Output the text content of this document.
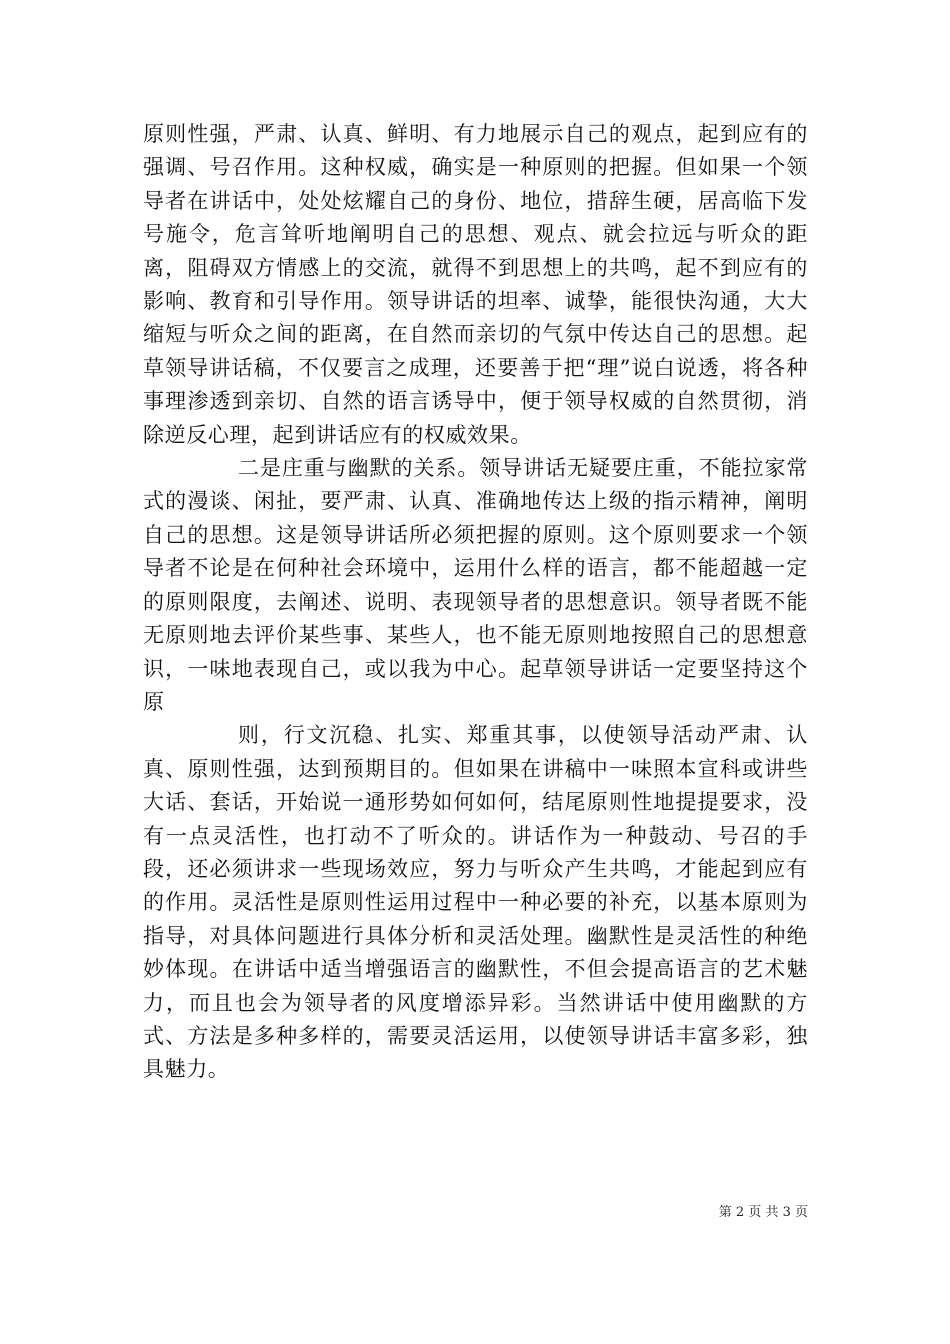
原则性强，严肃、认真、鲜明、有力地展示自己的观点，起到应有的强调、号召作用。这种权威，确实是一种原则的把握。但如果一个领导者在讲话中，处处炫耀自己的身份、地位，措辞生硬，居高临下发号施令，危言耸听地阐明自己的思想、观点、就会拉远与听众的距离，阻碍双方情感上的交流，就得不到思想上的共鸣，起不到应有的影响、教育和引导作用。领导讲话的坦率、诚挚，能很快沟通，大大缩短与听众之间的距离，在自然而亲切的气氛中传达自己的思想。起草领导讲话稿，不仅要言之成理，还要善于把“理”说白说透，将各种事理渗透到亲切、自然的语言诱导中，便于领导权威的自然贯彻，消除逆反心理，起到讲话应有的权威效果。

二是庄重与幽默的关系。领导讲话无疑要庄重，不能拉家常式的漫谈、闲扯，要严肃、认真、准确地传达上级的指示精神，阐明自己的思想。这是领导讲话所必须把握的原则。这个原则要求一个领导者不论是在何种社会环境中，运用什么样的语言，都不能超越一定的原则限度，去阐述、说明、表现领导者的思想意识。领导者既不能无原则地去评价某些事、某些人，也不能无原则地按照自己的思想意识，一味地表现自己，或以我为中心。起草领导讲话一定要坚持这个原

则，行文沉稳、扎实、郑重其事，以使领导活动严肃、认真、原则性强，达到预期目的。但如果在讲稿中一味照本宣科或讲些大话、套话，开始说一通形势如何如何，结尾原则性地提提要求，没有一点灵活性，也打动不了听众的。讲话作为一种鼓动、号召的手段，还必须讲求一些现场效应，努力与听众产生共鸣，才能起到应有的作用。灵活性是原则性运用过程中一种必要的补充，以基本原则为指导，对具体问题进行具体分析和灵活处理。幽默性是灵活性的种绝妙体现。在讲话中适当增强语言的幽默性，不但会提高语言的艺术魅力，而且也会为领导者的风度增添异彩。当然讲话中使用幽默的方式、方法是多种多样的，需要灵活运用，以使领导讲话丰富多彩，独具魅力。

第 2 页 共 3 页
